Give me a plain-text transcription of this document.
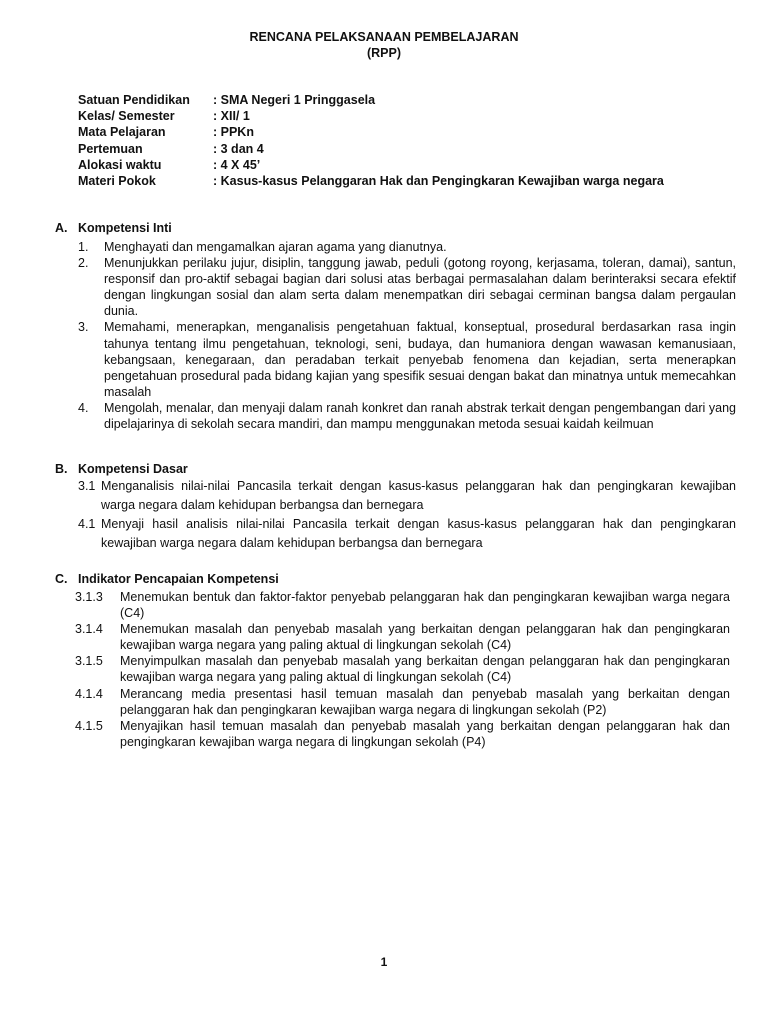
RENCANA PELAKSANAAN PEMBELAJARAN
(RPP)
Satuan Pendidikan	: SMA Negeri 1 Pringgasela
Kelas/ Semester	: XII/ 1
Mata Pelajaran	: PPKn
Pertemuan	: 3 dan 4
Alokasi waktu	: 4 X 45’
Materi Pokok	: Kasus-kasus Pelanggaran Hak dan Pengingkaran Kewajiban warga negara
A. Kompetensi Inti
1.	Menghayati dan mengamalkan ajaran agama yang dianutnya.
2.	Menunjukkan perilaku jujur, disiplin, tanggung jawab, peduli (gotong royong, kerjasama, toleran, damai), santun, responsif dan pro-aktif sebagai bagian dari solusi atas berbagai permasalahan dalam berinteraksi secara efektif dengan lingkungan sosial dan alam serta dalam menempatkan diri sebagai cerminan bangsa dalam pergaulan dunia.
3.	Memahami, menerapkan, menganalisis pengetahuan faktual, konseptual, prosedural berdasarkan rasa ingin tahunya tentang ilmu pengetahuan, teknologi, seni, budaya, dan humaniora dengan wawasan kemanusiaan, kebangsaan, kenegaraan, dan peradaban terkait penyebab fenomena dan kejadian, serta menerapkan pengetahuan prosedural pada bidang kajian yang spesifik sesuai dengan bakat dan minatnya untuk memecahkan masalah
4.	Mengolah, menalar, dan menyaji dalam ranah konkret dan ranah abstrak terkait dengan pengembangan dari yang dipelajarinya di sekolah secara mandiri, dan mampu menggunakan metoda sesuai kaidah keilmuan
B. Kompetensi Dasar
3.1 Menganalisis nilai-nilai Pancasila terkait dengan kasus-kasus pelanggaran hak dan pengingkaran kewajiban warga negara dalam kehidupan berbangsa dan bernegara
4.1 Menyaji hasil analisis nilai-nilai Pancasila terkait dengan kasus-kasus pelanggaran hak dan pengingkaran kewajiban warga negara dalam kehidupan berbangsa dan bernegara
C. Indikator Pencapaian Kompetensi
3.1.3	Menemukan bentuk dan faktor-faktor penyebab pelanggaran hak dan pengingkaran kewajiban warga negara (C4)
3.1.4	Menemukan masalah dan penyebab masalah yang berkaitan dengan pelanggaran hak dan pengingkaran kewajiban warga negara yang paling aktual di lingkungan sekolah (C4)
3.1.5	Menyimpulkan masalah dan penyebab masalah yang berkaitan dengan pelanggaran hak dan pengingkaran kewajiban warga negara yang paling aktual di lingkungan sekolah (C4)
4.1.4	Merancang media presentasi hasil temuan masalah dan penyebab masalah yang berkaitan dengan pelanggaran hak dan pengingkaran kewajiban warga negara di lingkungan sekolah (P2)
4.1.5	Menyajikan hasil temuan masalah dan penyebab masalah yang berkaitan dengan pelanggaran hak dan pengingkaran kewajiban warga negara di lingkungan sekolah (P4)
1
